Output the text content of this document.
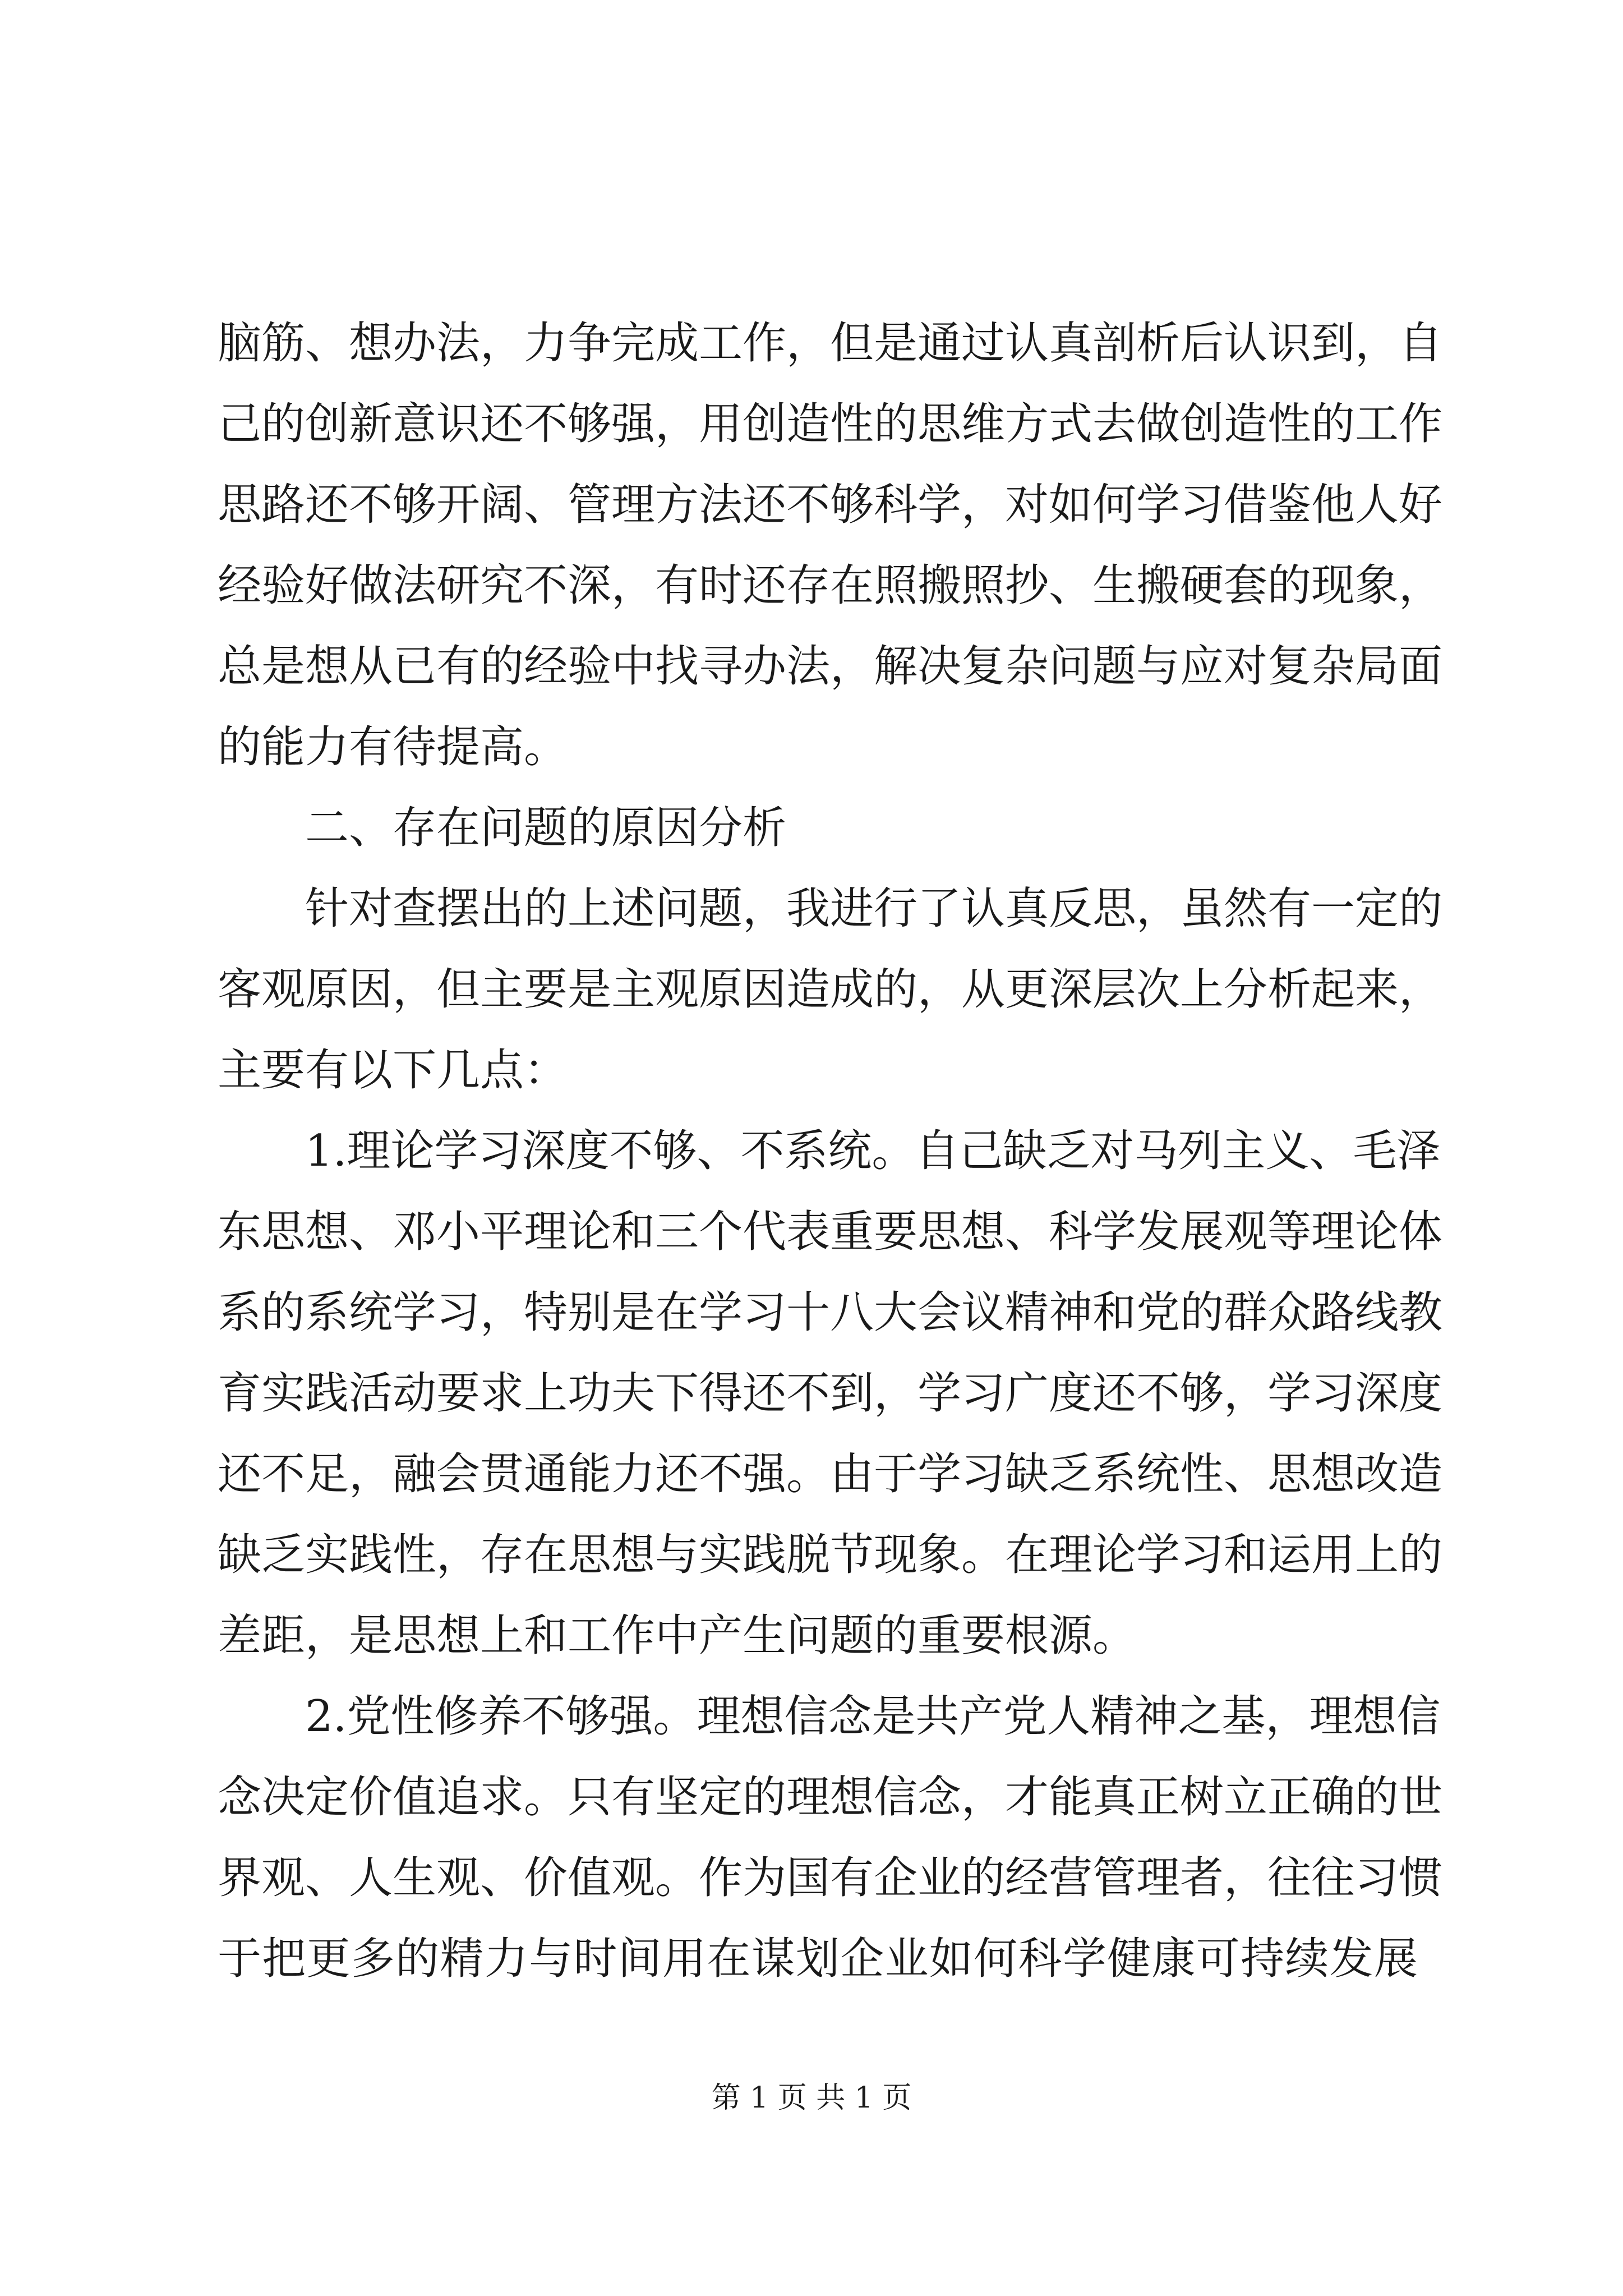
脑筋、想办法，力争完成工作，但是通过认真剖析后认识到，自
己的创新意识还不够强，用创造性的思维方式去做创造性的工作
思路还不够开阔、管理方法还不够科学，对如何学习借鉴他人好
经验好做法研究不深，有时还存在照搬照抄、生搬硬套的现象，
总是想从已有的经验中找寻办法，解决复杂问题与应对复杂局面
的能力有待提高。
二、存在问题的原因分析
针对查摆出的上述问题，我进行了认真反思，虽然有一定的
客观原因，但主要是主观原因造成的，从更深层次上分析起来，
主要有以下几点：
1.理论学习深度不够、不系统。自己缺乏对马列主义、毛泽
东思想、邓小平理论和三个代表重要思想、科学发展观等理论体
系的系统学习，特别是在学习十八大会议精神和党的群众路线教
育实践活动要求上功夫下得还不到，学习广度还不够，学习深度
还不足，融会贯通能力还不强。由于学习缺乏系统性、思想改造
缺乏实践性，存在思想与实践脱节现象。在理论学习和运用上的
差距，是思想上和工作中产生问题的重要根源。
2.党性修养不够强。理想信念是共产党人精神之基，理想信
念决定价值追求。只有坚定的理想信念，才能真正树立正确的世
界观、人生观、价值观。作为国有企业的经营管理者，往往习惯
于把更多的精力与时间用在谋划企业如何科学健康可持续发展
第 1 页 共 1 页
